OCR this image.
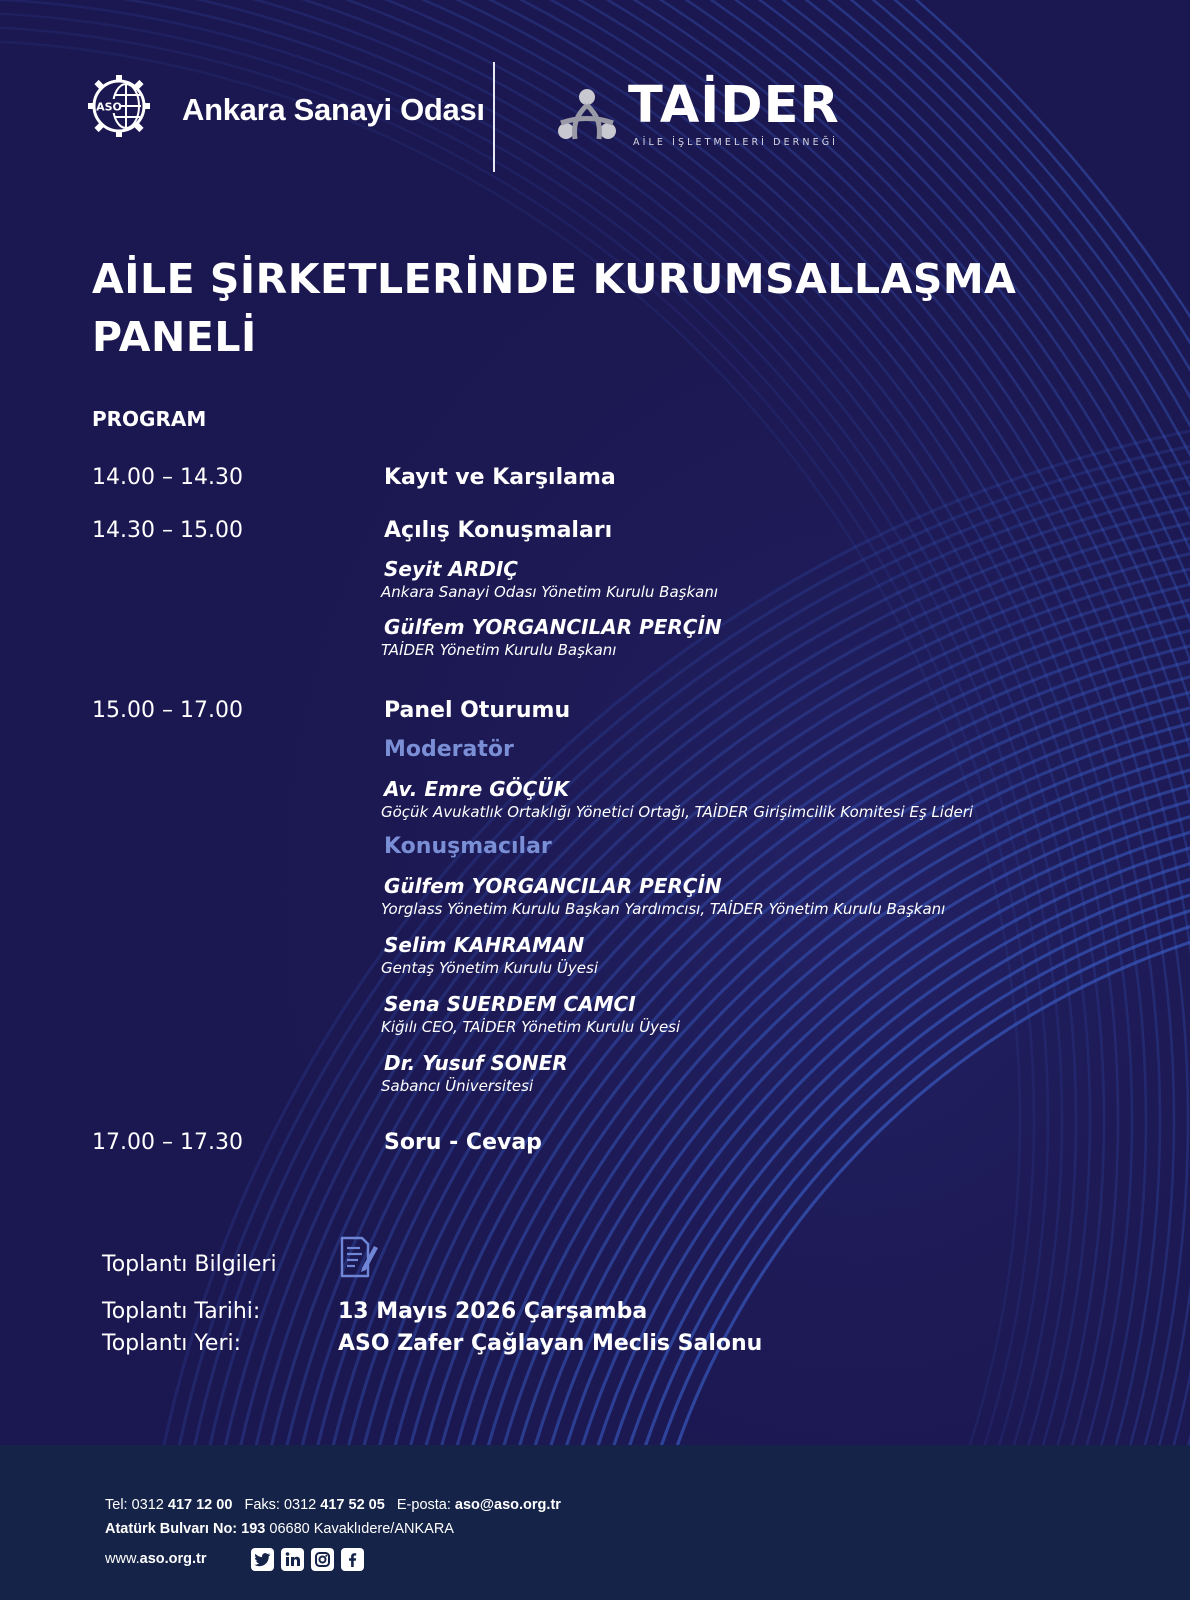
ASO Ankara Sanayi Odası	TAİDER
AİLE İŞLETMELERİ DERNEĞİ
AİLE ŞİRKETLERİNDE KURUMSALLAŞMA
PANELİ
PROGRAM
14.00 – 14.30	Kayıt ve Karşılama
14.30 – 15.00	Açılış Konuşmaları
Seyit ARDIÇ
Ankara Sanayi Odası Yönetim Kurulu Başkanı
Gülfem YORGANCILAR PERÇİN
TAİDER Yönetim Kurulu Başkanı
15.00 – 17.00	Panel Oturumu
Moderatör
Av. Emre GÖÇÜK
Göçük Avukatlık Ortaklığı Yönetici Ortağı, TAİDER Girişimcilik Komitesi Eş Lideri
Konuşmacılar
Gülfem YORGANCILAR PERÇİN
Yorglass Yönetim Kurulu Başkan Yardımcısı, TAİDER Yönetim Kurulu Başkanı
Selim KAHRAMAN
Gentaş Yönetim Kurulu Üyesi
Sena SUERDEM CAMCI
Kiğılı CEO, TAİDER Yönetim Kurulu Üyesi
Dr. Yusuf SONER
Sabancı Üniversitesi
17.00 – 17.30	Soru - Cevap
Toplantı Bilgileri
Toplantı Tarihi:	13 Mayıs 2026 Çarşamba
Toplantı Yeri:	ASO Zafer Çağlayan Meclis Salonu
Tel: 0312 417 12 00 Faks: 0312 417 52 05 E-posta: aso@aso.org.tr
Atatürk Bulvarı No: 193 06680 Kavaklıdere/ANKARA
www.aso.org.tr
